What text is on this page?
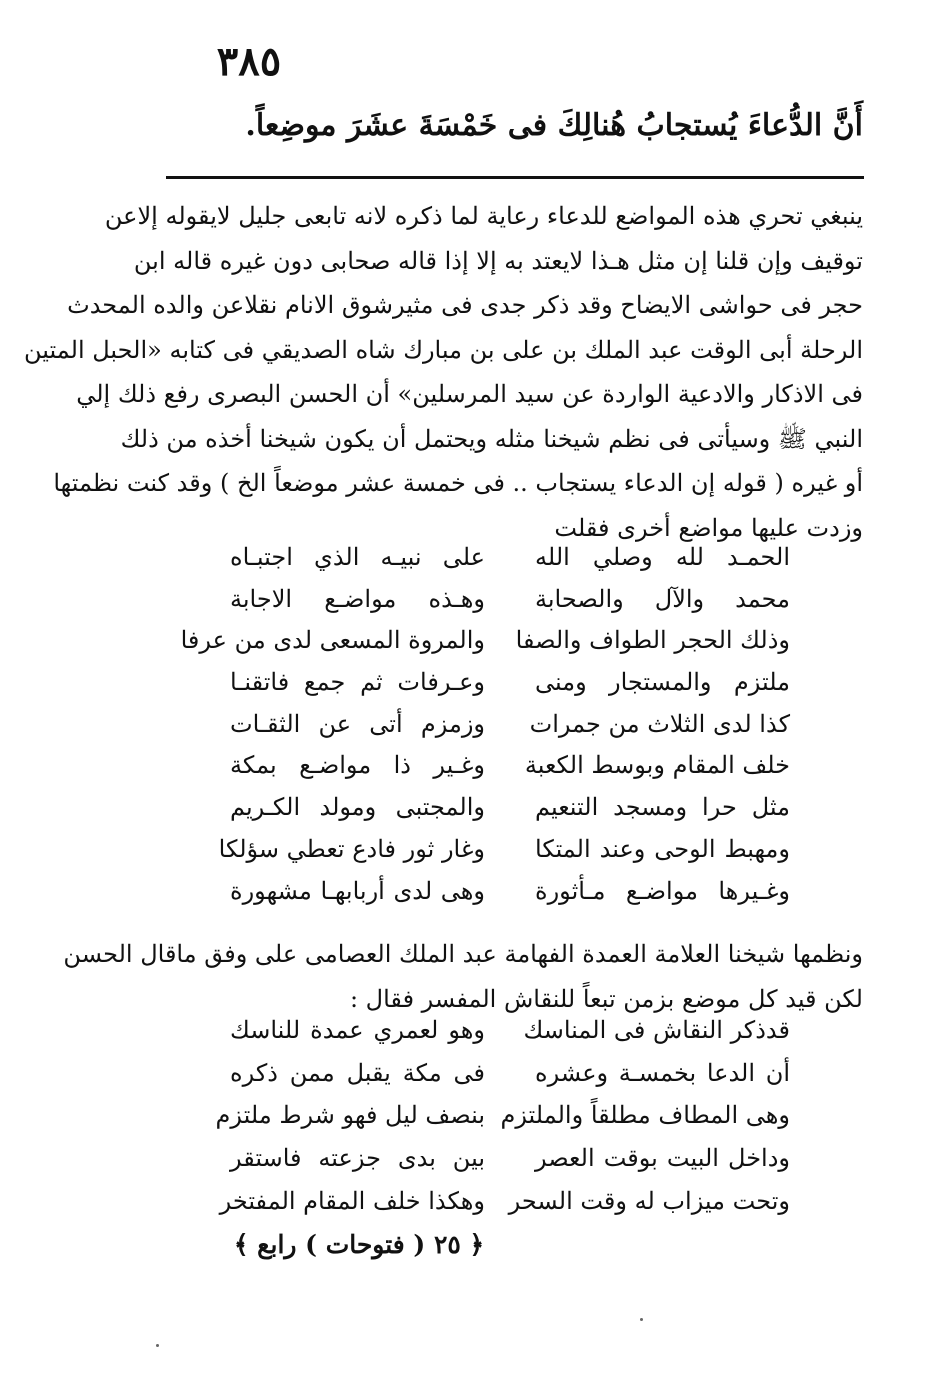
٣٨٥
أَنَّ الدُّعاءَ يُستجابُ هُنالِكَ فى خَمْسَةَ عشَرَ موضِعاً.
ينبغي تحري هذه المواضع للدعاء رعاية لما ذكره لانه تابعى جليل لايقوله إلاعن
توقيف وإن قلنا إن مثل هـذا لايعتد به إلا إذا قاله صحابى دون غيره قاله ابن
حجر فى حواشى الايضاح وقد ذكر جدى فى مثيرشوق الانام نقلاعن والده المحدث
الرحلة أبى الوقت عبد الملك بن على بن مبارك شاه الصديقي فى كتابه «الحبل المتين
فى الاذكار والادعية الواردة عن سيد المرسلين» أن الحسن البصرى رفع ذلك إلي
النبي ﷺ وسيأتى فى نظم شيخنا مثله ويحتمل أن يكون شيخنا أخذه من ذلك
أو غيره ( قوله إن الدعاء يستجاب .. فى خمسة عشر موضعاً الخ ) وقد كنت نظمتها
وزدت عليها مواضع أخرى فقلت
الحمـد لله وصلي الله
على نبيـه الذي اجتبـاه
محمد والآل والصحابة
وهـذه مواضـع الاجابة
وذلك الحجر الطواف والصفا
والمروة المسعى لدى من عرفا
ملتزم والمستجار ومنى
وعـرفات ثم جمع فاتقنـا
كذا لدى الثلاث من جمرات
وزمزم أتى عن الثقـات
خلف المقام وبوسط الكعبة
وغـير ذا مواضـع بمكة
مثل حرا ومسجد التنعيم
والمجتبى ومولد الكـريم
ومهبط الوحى وعند المتكا
وغار ثور فادع تعطي سؤلكا
وغـيرها مواضـع مـأثورة
وهى لدى أربابهـا مشهورة
ونظمها شيخنا العلامة العمدة الفهامة عبد الملك العصامى على وفق ماقال الحسن
لكن قيد كل موضع بزمن تبعاً للنقاش المفسر فقال :
قدذكر النقاش فى المناسك
وهو لعمري عمدة للناسك
أن الدعا بخمسـة وعشره
فى مكة يقبل ممن ذكره
وهى المطاف مطلقاً والملتزم
بنصف ليل فهو شرط ملتزم
وداخل البيت بوقت العصر
بين بدى جزعته فاستقر
وتحت ميزاب له وقت السحر
وهكذا خلف المقام المفتخر
﴿ ٢٥ ( فتوحات ) رابع ﴾
